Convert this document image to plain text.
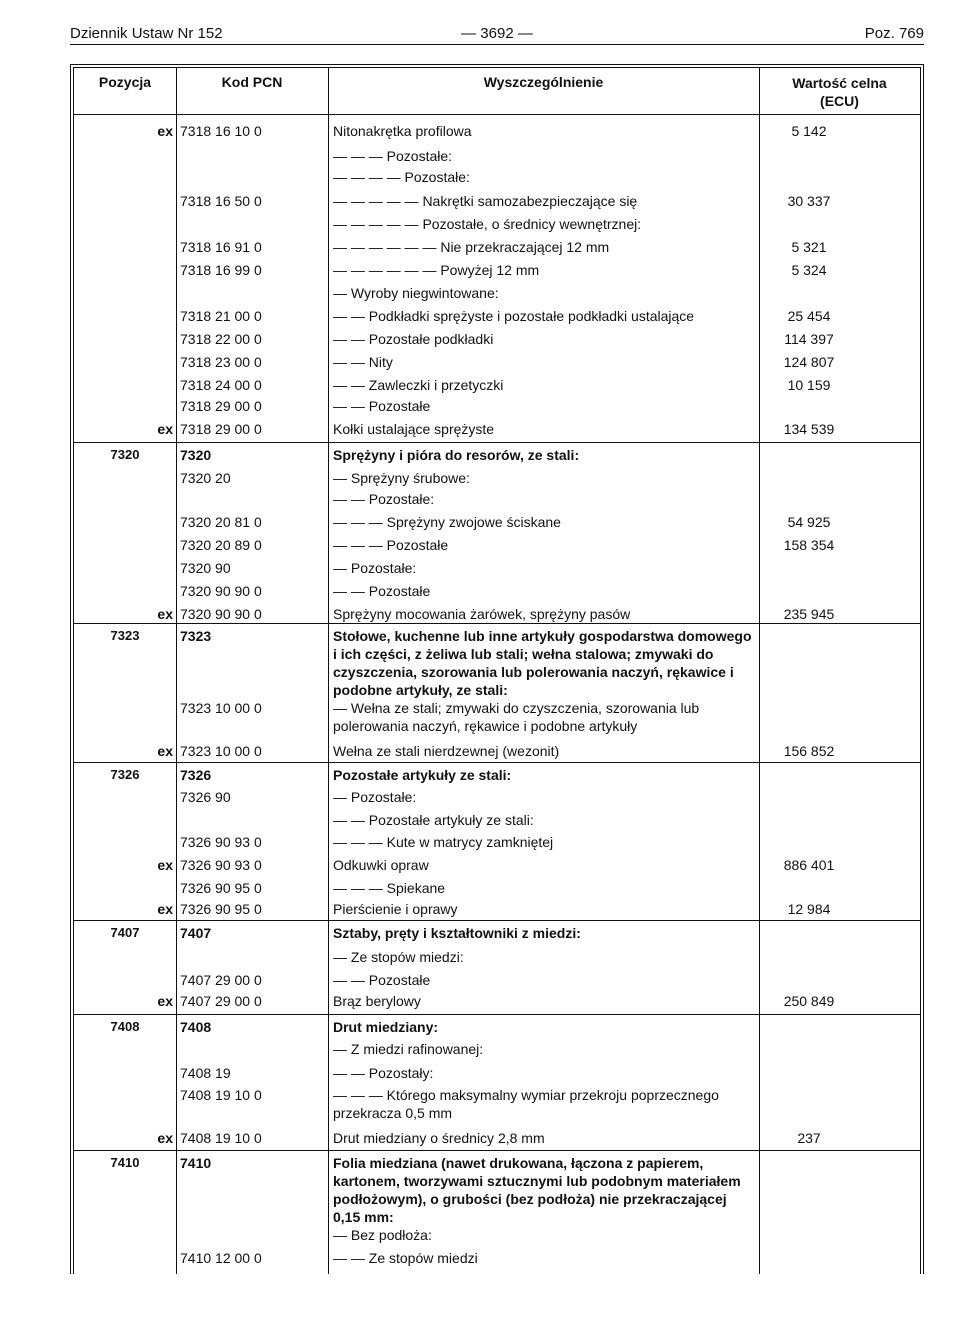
Dziennik Ustaw Nr 152	— 3692 —	Poz. 769
Pozycja	Kod PCN	Wyszczególnienie	Wartość celna
(ECU)
ex 7318 16 10 0	Nitonakrętka profilowa	5 142
— — — Pozostałe:
— — — — Pozostałe:
7318 16 50 0	— — — — — Nakrętki samozabezpieczające się	30 337
— — — — — Pozostałe, o średnicy wewnętrznej:
7318 16 91 0	— — — — — — Nie przekraczającej 12 mm	5 321
7318 16 99 0	— — — — — — Powyżej 12 mm	5 324
— Wyroby niegwintowane:
7318 21 00 0	— — Podkładki sprężyste i pozostałe podkładki ustalające	25 454
7318 22 00 0	— — Pozostałe podkładki	114 397
7318 23 00 0	— — Nity	124 807
7318 24 00 0	— — Zawleczki i przetyczki	10 159
7318 29 00 0	— — Pozostałe
ex 7318 29 00 0	Kołki ustalające sprężyste	134 539
7320	7320	Sprężyny i pióra do resorów, ze stali:
7320 20	— Sprężyny śrubowe:
— — Pozostałe:
7320 20 81 0	— — — Sprężyny zwojowe ściskane	54 925
7320 20 89 0	— — — Pozostałe	158 354
7320 90	— Pozostałe:
7320 90 90 0	— — Pozostałe
ex 7320 90 90 0	Sprężyny mocowania żarówek, sprężyny pasów	235 945
7323	7323	Stołowe, kuchenne lub inne artykuły gospodarstwa domowego i ich części, z żeliwa lub stali; wełna stalowa; zmywaki do czyszczenia, szorowania lub polerowania naczyń, rękawice i podobne artykuły, ze stali:
7323 10 00 0	— Wełna ze stali; zmywaki do czyszczenia, szorowania lub polerowania naczyń, rękawice i podobne artykuły
ex 7323 10 00 0	Wełna ze stali nierdzewnej (wezonit)	156 852
7326	7326	Pozostałe artykuły ze stali:
7326 90	— Pozostałe:
— — Pozostałe artykuły ze stali:
7326 90 93 0	— — — Kute w matrycy zamkniętej
ex 7326 90 93 0	Odkuwki opraw	886 401
7326 90 95 0	— — — Spiekane
ex 7326 90 95 0	Pierścienie i oprawy	12 984
7407	7407	Sztaby, pręty i kształtowniki z miedzi:
— Ze stopów miedzi:
7407 29 00 0	— — Pozostałe
ex 7407 29 00 0	Brąz berylowy	250 849
7408	7408	Drut miedziany:
— Z miedzi rafinowanej:
7408 19	— — Pozostały:
7408 19 10 0	— — — Którego maksymalny wymiar przekroju poprzecznego przekracza 0,5 mm
ex 7408 19 10 0	Drut miedziany o średnicy 2,8 mm	237
7410	7410	Folia miedziana (nawet drukowana, łączona z papierem, kartonem, tworzywami sztucznymi lub podobnym materiałem podłożowym), o grubości (bez podłoża) nie przekraczającej 0,15 mm:
— Bez podłoża:
7410 12 00 0	— — Ze stopów miedzi
